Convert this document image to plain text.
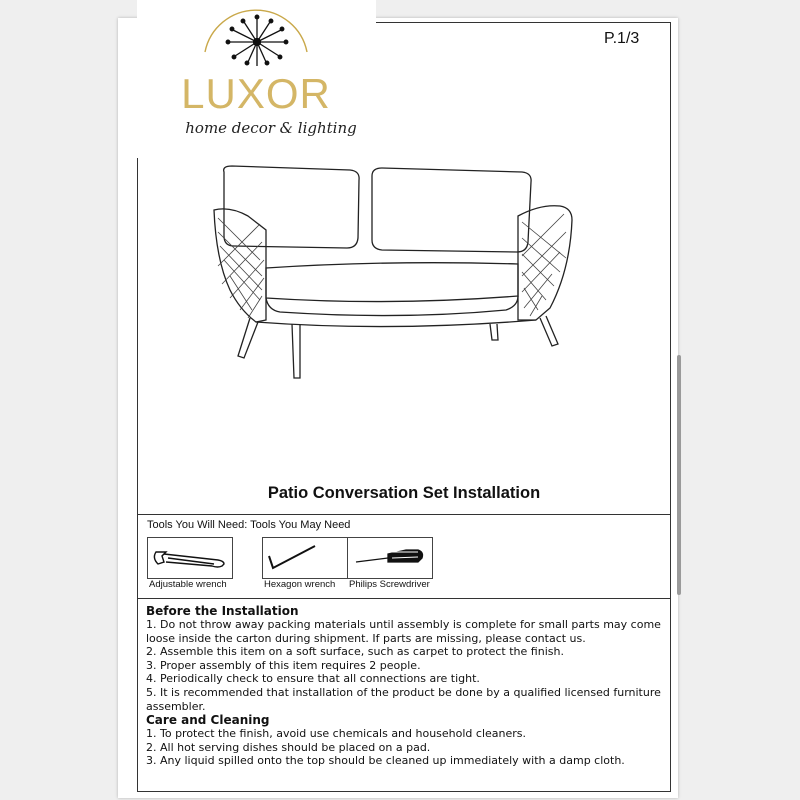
LUXOR
home decor & lighting
P.1/3
Patio Conversation Set Installation
Tools You Will Need: Tools You May Need
Adjustable wrench	Hexagon wrench Philips Screwdriver
Before the Installation

1. Do not throw away packing materials until assembly is complete for small parts may come loose inside the carton during shipment. If parts are missing, please contact us.

2. Assemble this item on a soft surface, such as carpet to protect the finish.

3. Proper assembly of this item requires 2 people.

4. Periodically check to ensure that all connections are tight.

5. It is recommended that installation of the product be done by a qualified licensed furniture assembler.

Care and Cleaning

1. To protect the finish, avoid use chemicals and household cleaners.

2. All hot serving dishes should be placed on a pad.

3. Any liquid spilled onto the top should be cleaned up immediately with a damp cloth.
